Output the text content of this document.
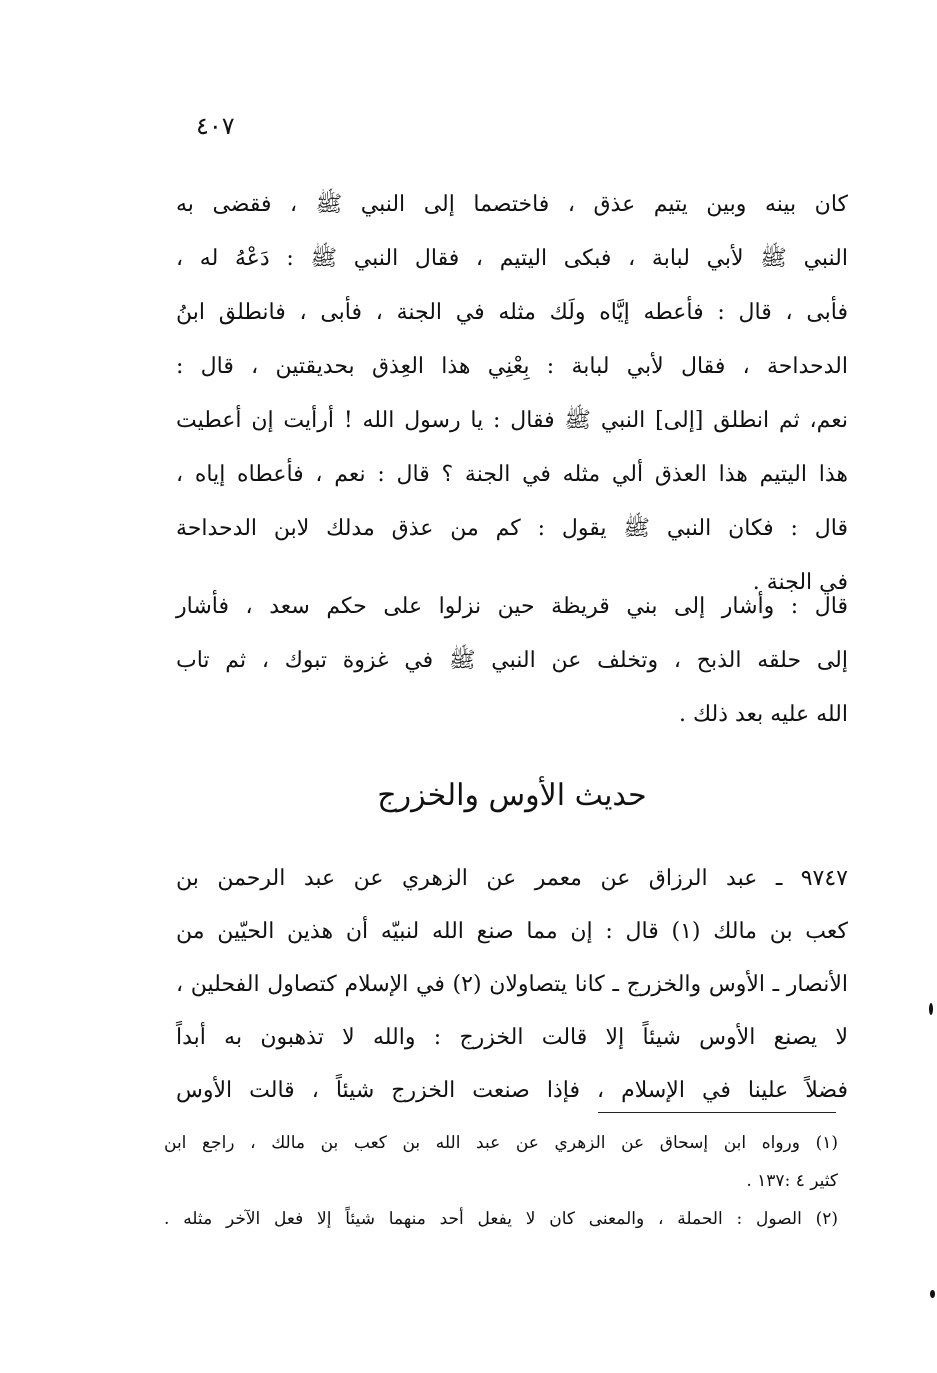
٤٠٧
كان بينه وبين يتيم عذق ، فاختصما إلى النبي ﷺ ، فقضى به
النبي ﷺ لأبي لبابة ، فبكى اليتيم ، فقال النبي ﷺ : دَعْهُ له ،
فأبى ، قال : فأعطه إيَّاه ولَك مثله في الجنة ، فأبى ، فانطلق ابنُ
الدحداحة ، فقال لأبي لبابة : بِعْنِي هذا العِذق بحديقتين ، قال :
نعم، ثم انطلق [إلى] النبي ﷺ فقال : يا رسول الله ! أرأيت إن أعطيت
هذا اليتيم هذا العذق ألي مثله في الجنة ؟ قال : نعم ، فأعطاه إياه ،
قال : فكان النبي ﷺ يقول : كم من عذق مدلك لابن الدحداحة
في الجنة .
قال : وأشار إلى بني قريظة حين نزلوا على حكم سعد ، فأشار
إلى حلقه الذبح ، وتخلف عن النبي ﷺ في غزوة تبوك ، ثم تاب
الله عليه بعد ذلك .
حديث الأوس والخزرج
٩٧٤٧ ـ عبد الرزاق عن معمر عن الزهري عن عبد الرحمن بن
كعب بن مالك (١) قال : إن مما صنع الله لنبيّه أن هذين الحيّين من
الأنصار ـ الأوس والخزرج ـ كانا يتصاولان (٢) في الإسلام كتصاول الفحلين ،
لا يصنع الأوس شيئاً إلا قالت الخزرج : والله لا تذهبون به أبداً
فضلاً علينا في الإسلام ، فإذا صنعت الخزرج شيئاً ، قالت الأوس
(١) ورواه ابن إسحاق عن الزهري عن عبد الله بن كعب بن مالك ، راجع ابن
كثير ٤ :١٣٧ .
(٢) الصول : الحملة ، والمعنى كان لا يفعل أحد منهما شيئاً إلا فعل الآخر مثله .
